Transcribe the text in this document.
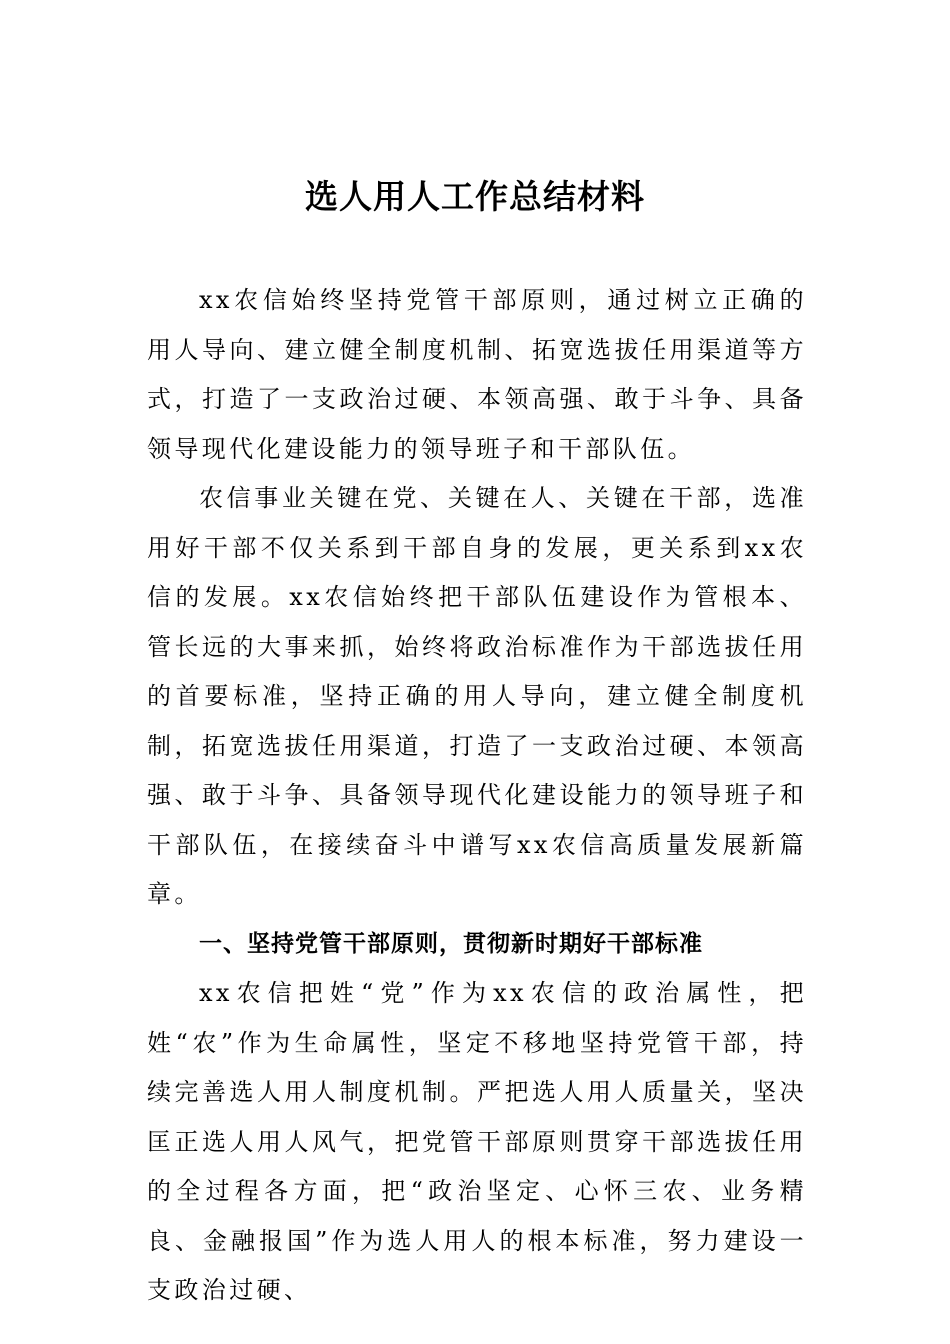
选人用人工作总结材料

xx农信始终坚持党管干部原则，通过树立正确的用人导向、建立健全制度机制、拓宽选拔任用渠道等方式，打造了一支政治过硬、本领高强、敢于斗争、具备领导现代化建设能力的领导班子和干部队伍。

农信事业关键在党、关键在人、关键在干部，选准用好干部不仅关系到干部自身的发展，更关系到xx农信的发展。xx农信始终把干部队伍建设作为管根本、管长远的大事来抓，始终将政治标准作为干部选拔任用的首要标准，坚持正确的用人导向，建立健全制度机制，拓宽选拔任用渠道，打造了一支政治过硬、本领高强、敢于斗争、具备领导现代化建设能力的领导班子和干部队伍，在接续奋斗中谱写xx农信高质量发展新篇章。

一、坚持党管干部原则，贯彻新时期好干部标准

xx农信把姓“党”作为xx农信的政治属性，把姓“农”作为生命属性，坚定不移地坚持党管干部，持续完善选人用人制度机制。严把选人用人质量关，坚决匡正选人用人风气，把党管干部原则贯穿干部选拔任用的全过程各方面，把“政治坚定、心怀三农、业务精良、金融报国”作为选人用人的根本标准，努力建设一支政治过硬、
